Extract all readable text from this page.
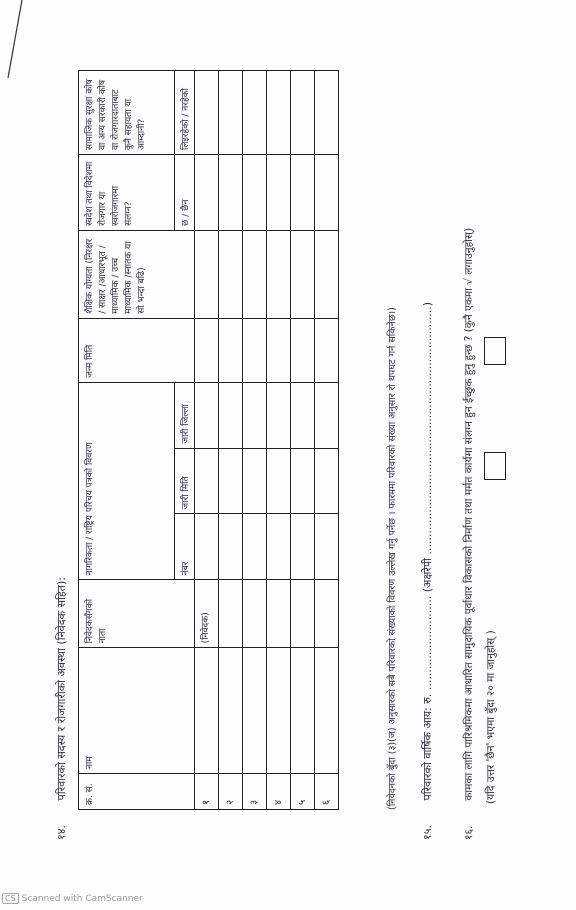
१४. परिवारको सदस्य र रोजगारीको अवस्था (निवेदक सहित): क्र. सं.	नाम	निवेदकसँगको नाता	नागरिकता / राष्ट्रिय परिचय पत्रको विवरण			जन्म मिति	शैक्षिक योग्यता (निरक्षर / साक्षर /आधारभूत / माध्यामिक / उच्च माध्यामिक /स्नातक या सो भन्दा बढि)	स्वदेश तथा विदेशमा रोजगार या स्वरोजगारमा संलग्न?	सामाजिक सुरक्षा कोष वा अन्य सरकारी कोष वा रोजगारदाताबाट कुनै सहायता या आम्दानी?
			नंबर	जारी मिति	जारी जिल्ला			छ / छैन	लिइरहेको / नरहेको
१		(निवेदक)							
२									
३									
४									
५									
६										(निवेदनको बुँदा (३)(ज) अनुसारको सबै परिवारको संख्याको विवरण उल्लेख गर्नु पर्नेछ । फारममा परिवारको संख्या अनुसार रो थपघट गर्न सकिनेछ।)
१५. परिवारको वार्षिक आय: रु. ........................... (अक्षरेपी .......................................................................)
१६. कामका लागि पारिश्रमिकमा आधारित सामुदायिक पूर्वाधार विकासको निर्माण तथा मर्मत कार्यमा संलग्न हुन ईच्छुक हुनु हुन्छ ? (कुनै एकमा √ लगाउनुहोस्) (यदि उत्तर 'छैन' भएमा बुँदा २० मा जानुहोस् )
CS Scanned with CamScanner
